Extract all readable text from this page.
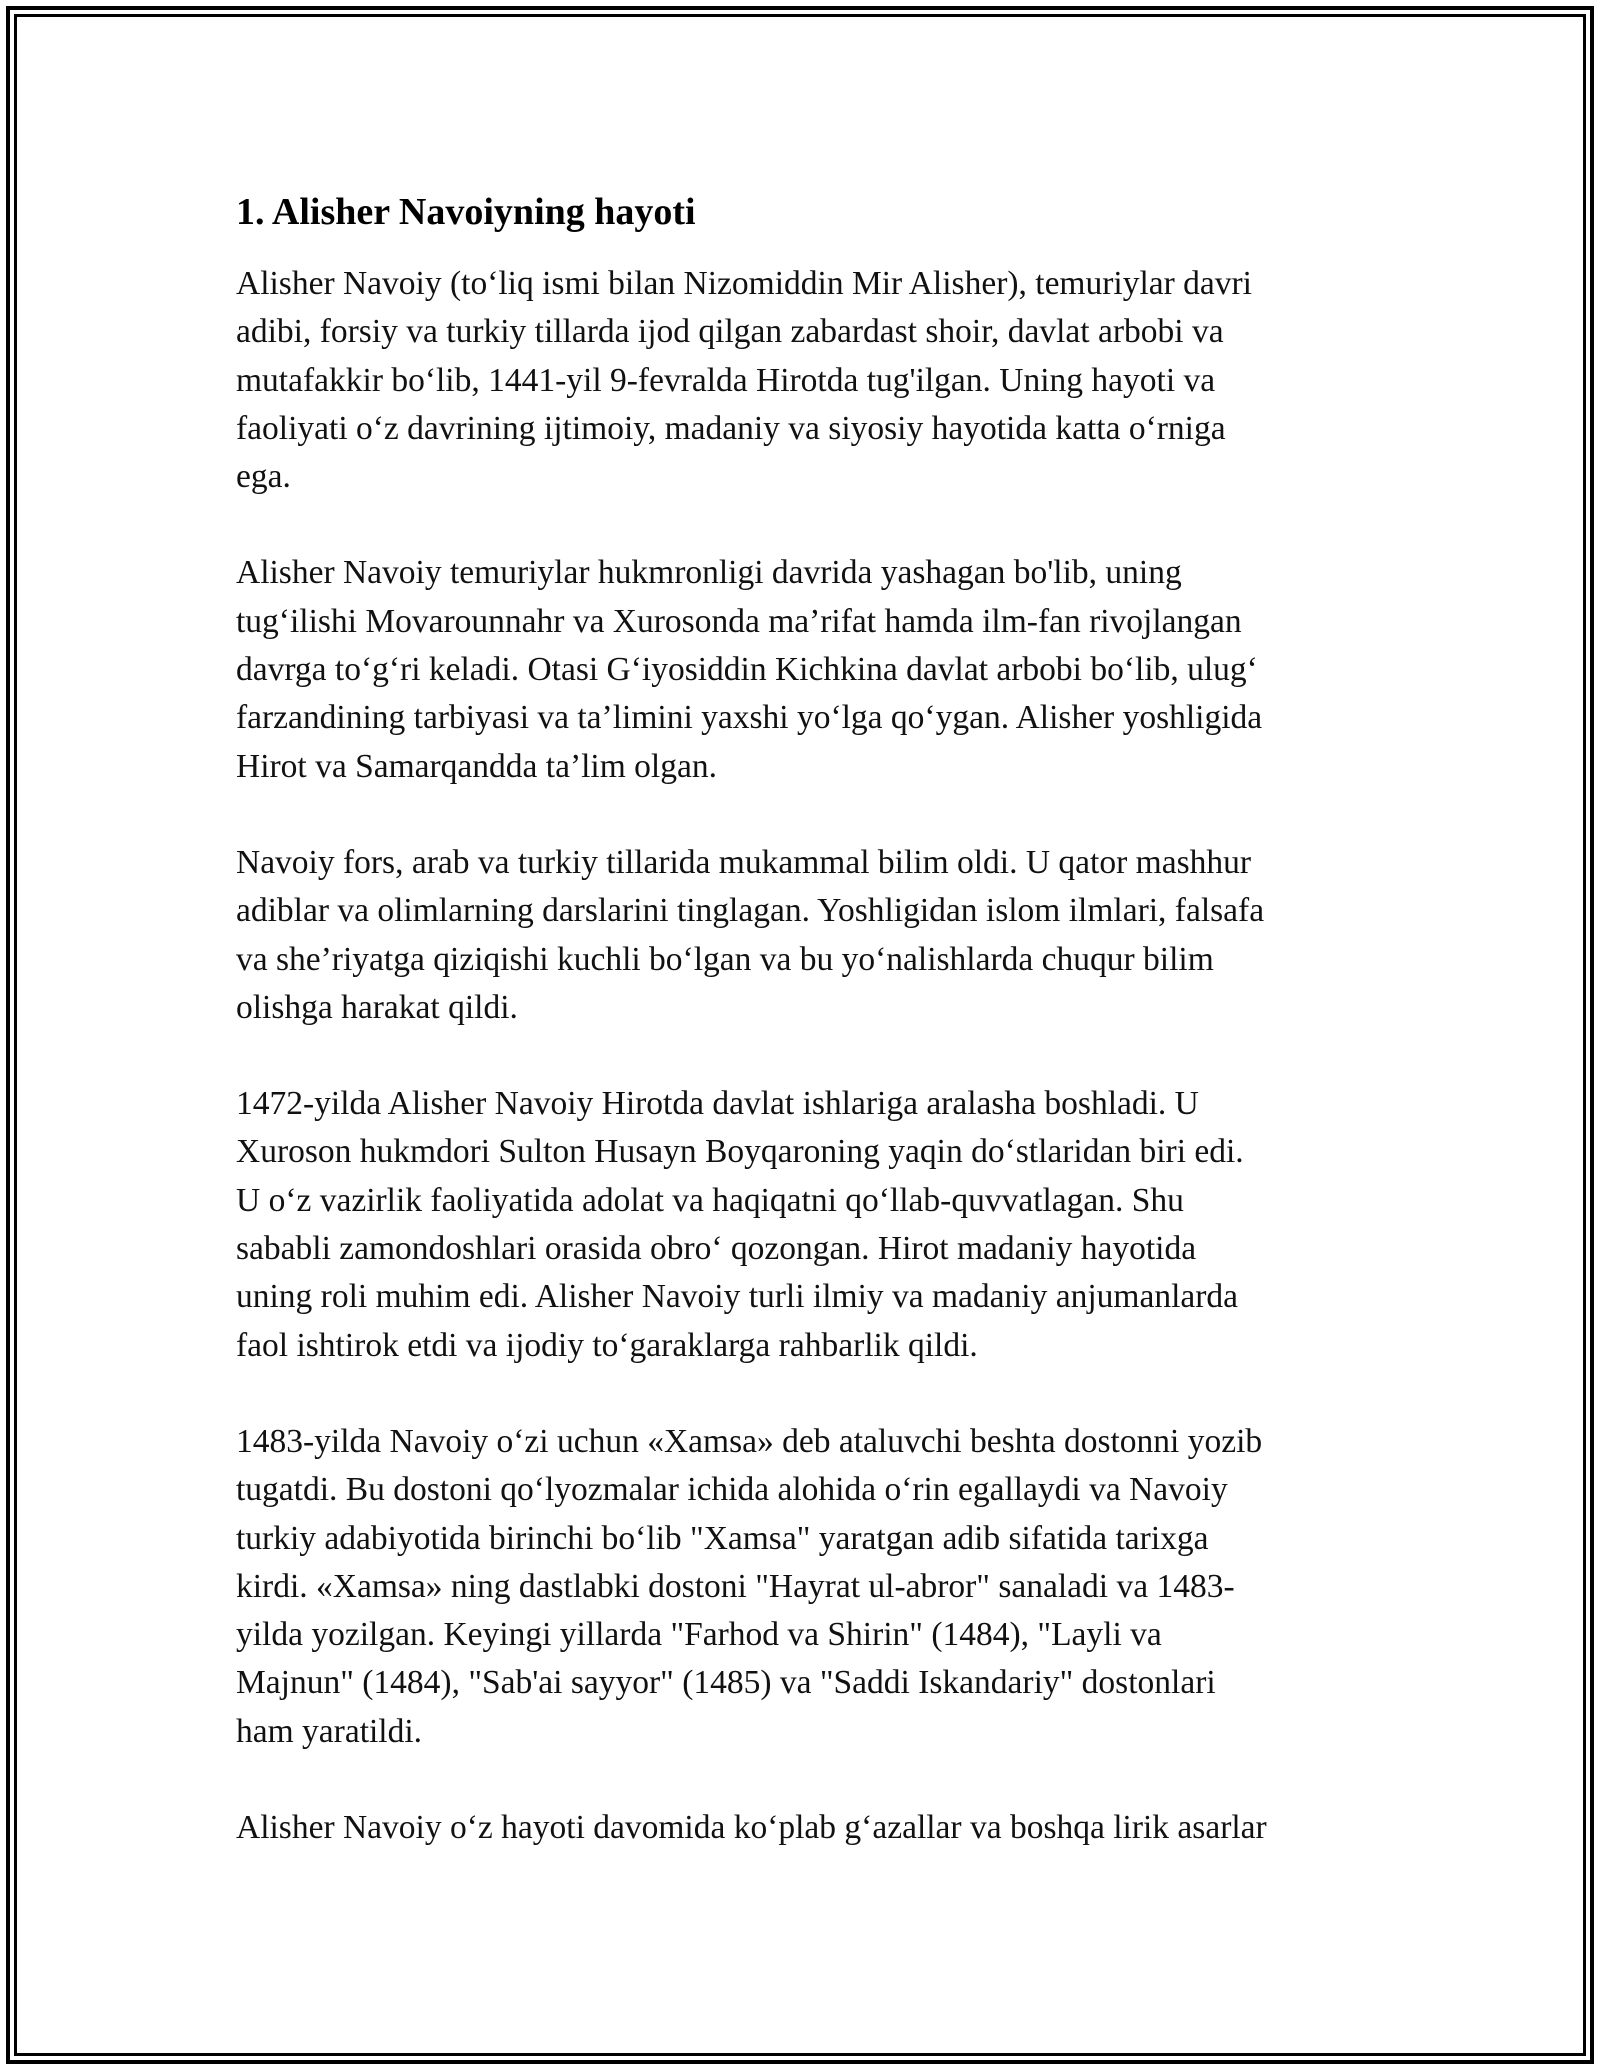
1. Alisher Navoiyning hayoti
Alisher Navoiy (to‘liq ismi bilan Nizomiddin Mir Alisher), temuriylar davri
adibi, forsiy va turkiy tillarda ijod qilgan zabardast shoir, davlat arbobi va
mutafakkir bo‘lib, 1441-yil 9-fevralda Hirotda tug'ilgan. Uning hayoti va
faoliyati o‘z davrining ijtimoiy, madaniy va siyosiy hayotida katta o‘rniga
ega.
Alisher Navoiy temuriylar hukmronligi davrida yashagan bo'lib, uning
tug‘ilishi Movarounnahr va Xurosonda ma’rifat hamda ilm-fan rivojlangan
davrga to‘g‘ri keladi. Otasi G‘iyosiddin Kichkina davlat arbobi bo‘lib, ulug‘
farzandining tarbiyasi va ta’limini yaxshi yo‘lga qo‘ygan. Alisher yoshligida
Hirot va Samarqandda ta’lim olgan.
Navoiy fors, arab va turkiy tillarida mukammal bilim oldi. U qator mashhur
adiblar va olimlarning darslarini tinglagan. Yoshligidan islom ilmlari, falsafa
va she’riyatga qiziqishi kuchli bo‘lgan va bu yo‘nalishlarda chuqur bilim
olishga harakat qildi.
1472-yilda Alisher Navoiy Hirotda davlat ishlariga aralasha boshladi. U
Xuroson hukmdori Sulton Husayn Boyqaroning yaqin do‘stlaridan biri edi.
U o‘z vazirlik faoliyatida adolat va haqiqatni qo‘llab-quvvatlagan. Shu
sababli zamondoshlari orasida obro‘ qozongan. Hirot madaniy hayotida
uning roli muhim edi. Alisher Navoiy turli ilmiy va madaniy anjumanlarda
faol ishtirok etdi va ijodiy to‘garaklarga rahbarlik qildi.
1483-yilda Navoiy o‘zi uchun «Xamsa» deb ataluvchi beshta dostonni yozib
tugatdi. Bu dostoni qo‘lyozmalar ichida alohida o‘rin egallaydi va Navoiy
turkiy adabiyotida birinchi bo‘lib "Xamsa" yaratgan adib sifatida tarixga
kirdi. «Xamsa» ning dastlabki dostoni "Hayrat ul-abror" sanaladi va 1483-
yilda yozilgan. Keyingi yillarda "Farhod va Shirin" (1484), "Layli va
Majnun" (1484), "Sab'ai sayyor" (1485) va "Saddi Iskandariy" dostonlari
ham yaratildi.
Alisher Navoiy o‘z hayoti davomida ko‘plab g‘azallar va boshqa lirik asarlar
